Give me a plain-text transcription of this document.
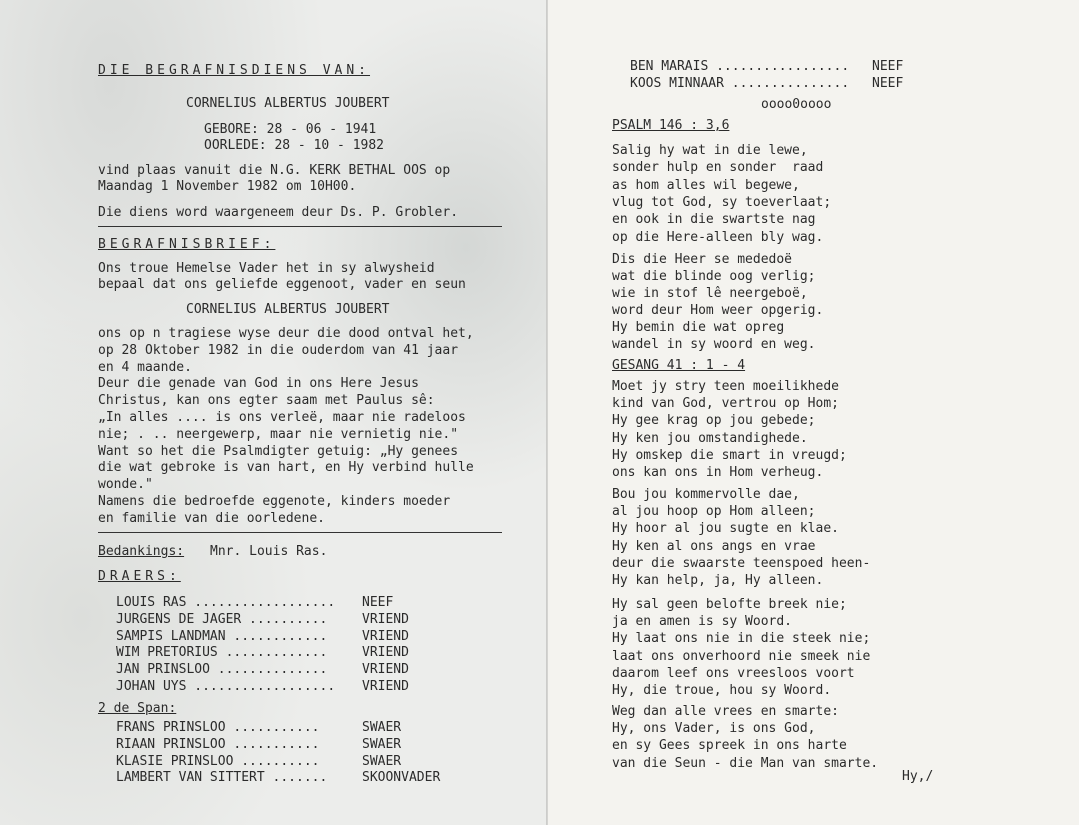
DIE BEGRAFNISDIENS VAN:
CORNELIUS ALBERTUS JOUBERT
GEBORE: 28 - 06 - 1941
OORLEDE: 28 - 10 - 1982
vind plaas vanuit die N.G. KERK BETHAL OOS op
Maandag 1 November 1982 om 10H00.
Die diens word waargeneem deur Ds. P. Grobler.
BEGRAFNISBRIEF:
Ons troue Hemelse Vader het in sy alwysheid
bepaal dat ons geliefde eggenoot, vader en seun
CORNELIUS ALBERTUS JOUBERT
ons op n tragiese wyse deur die dood ontval het,
op 28 Oktober 1982 in die ouderdom van 41 jaar
en 4 maande.
Deur die genade van God in ons Here Jesus
Christus, kan ons egter saam met Paulus sê:
„In alles .... is ons verleë, maar nie radeloos
nie; . .. neergewerp, maar nie vernietig nie."
Want so het die Psalmdigter getuig: „Hy genees
die wat gebroke is van hart, en Hy verbind hulle
wonde."
Namens die bedroefde eggenote, kinders moeder
en familie van die oorledene.
Bedankings: Mnr. Louis Ras.
DRAERS:
LOUIS RAS .................. NEEF
JURGENS DE JAGER ..........	VRIEND
SAMPIS LANDMAN ............	VRIEND
WIM PRETORIUS .............	VRIEND
JAN PRINSLOO ..............	VRIEND
JOHAN UYS .................. VRIEND
2 de Span:
FRANS PRINSLOO ...........	SWAER
RIAAN PRINSLOO ...........	SWAER
KLASIE PRINSLOO ..........	SWAER
LAMBERT VAN SITTERT .......	SKOONVADER
BEN MARAIS ................. NEEF
KOOS MINNAAR ............... NEEF
oooo0oooo
PSALM 146 : 3,6
Salig hy wat in die lewe,
sonder hulp en sonder  raad
as hom alles wil begewe,
vlug tot God, sy toeverlaat;
en ook in die swartste nag
op die Here-alleen bly wag.
Dis die Heer se mededoë
wat die blinde oog verlig;
wie in stof lê neergeboë,
word deur Hom weer opgerig.
Hy bemin die wat opreg
wandel in sy woord en weg.
GESANG 41 : 1 - 4
Moet jy stry teen moeilikhede
kind van God, vertrou op Hom;
Hy gee krag op jou gebede;
Hy ken jou omstandighede.
Hy omskep die smart in vreugd;
ons kan ons in Hom verheug.
Bou jou kommervolle dae,
al jou hoop op Hom alleen;
Hy hoor al jou sugte en klae.
Hy ken al ons angs en vrae
deur die swaarste teenspoed heen-
Hy kan help, ja, Hy alleen.
Hy sal geen belofte breek nie;
ja en amen is sy Woord.
Hy laat ons nie in die steek nie;
laat ons onverhoord nie smeek nie
daarom leef ons vreesloos voort
Hy, die troue, hou sy Woord.
Weg dan alle vrees en smarte:
Hy, ons Vader, is ons God,
en sy Gees spreek in ons harte
van die Seun - die Man van smarte.
Hy,/
